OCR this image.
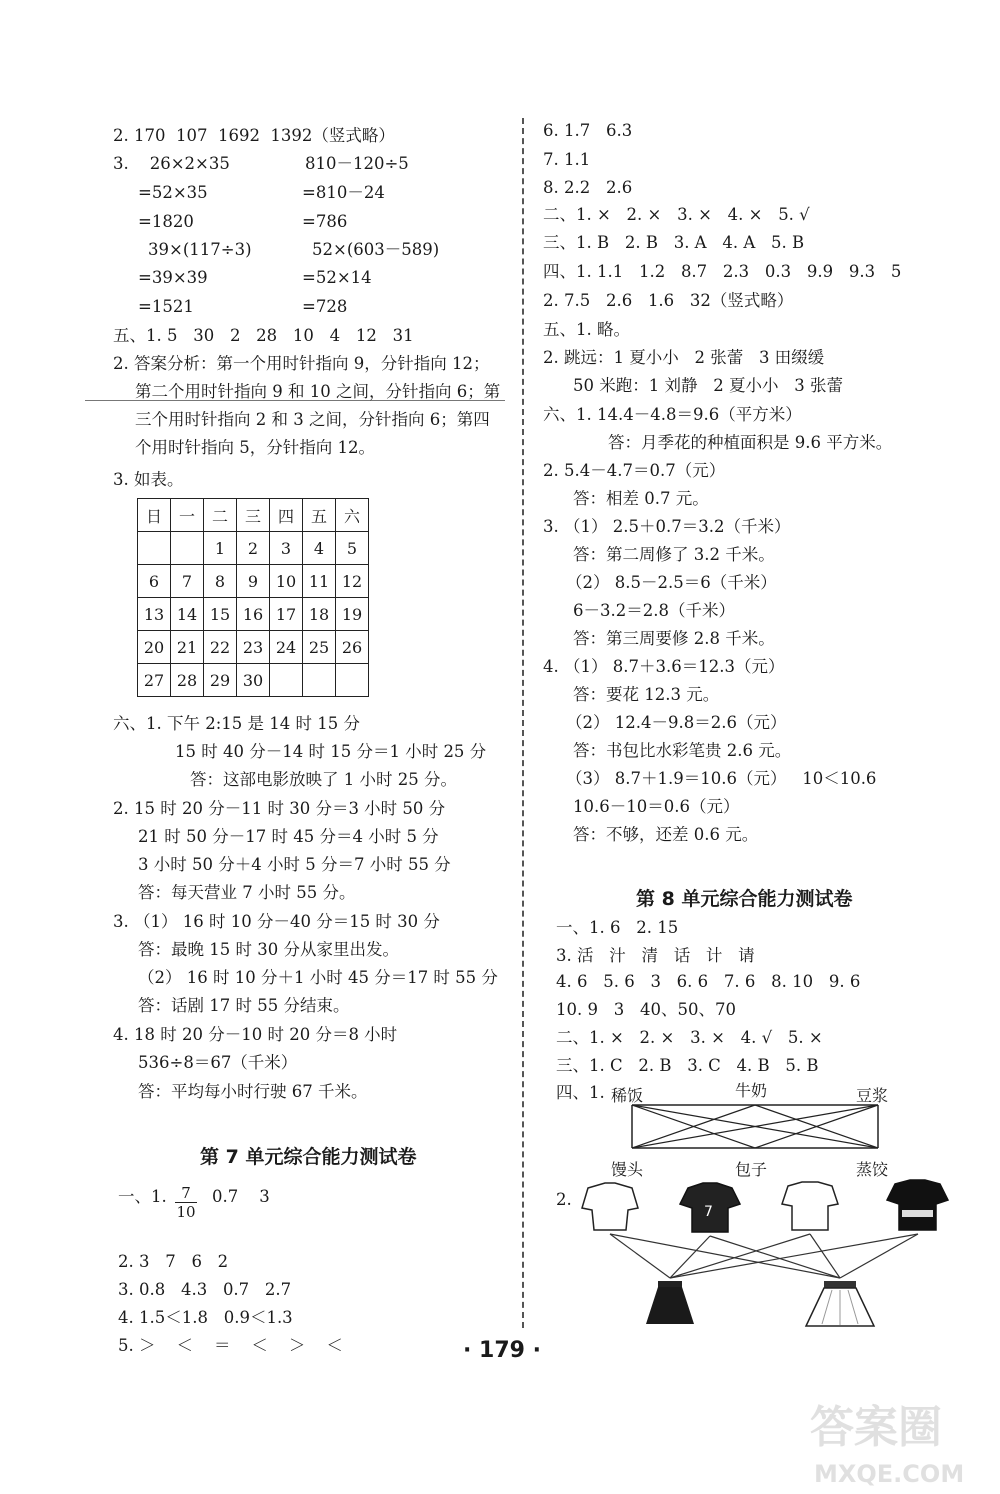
2. 170  107  1692  1392（竖式略）
3.    26×2×35	810－120÷5
=52×35	=810－24
=1820	=786
39×(117÷3)	52×(603－589)
=39×39	=52×14
=1521	=728
五、1. 5   30   2   28   10   4   12   31
2. 答案分析：第一个用时针指向 9，分针指向 12；
第二个用时针指向 9 和 10 之间，分针指向 6；第
三个用时针指向 2 和 3 之间，分针指向 6；第四
个用时针指向 5，分针指向 12。
3. 如表。
日	一	二	三	四	五	六
		1	2	3	4	5
6	7	8	9	10	11	12
13	14	15	16	17	18	19
20	21	22	23	24	25	26
27	28	29	30			
六、1. 下午 2:15 是 14 时 15 分
15 时 40 分－14 时 15 分＝1 小时 25 分
答：这部电影放映了 1 小时 25 分。
2. 15 时 20 分－11 时 30 分＝3 小时 50 分
21 时 50 分－17 时 45 分＝4 小时 5 分
3 小时 50 分＋4 小时 5 分＝7 小时 55 分
答：每天营业 7 小时 55 分。
3. （1） 16 时 10 分－40 分＝15 时 30 分
答：最晚 15 时 30 分从家里出发。
（2） 16 时 10 分＋1 小时 45 分＝17 时 55 分
答：话剧 17 时 55 分结束。
4. 18 时 20 分－10 时 20 分＝8 小时
536÷8＝67（千米）
答：平均每小时行驶 67 千米。
第 7 单元综合能力测试卷
一、1. $\frac{7}{10} 0.7$    3
2. 3   7   6   2
6. 1.7   6.3
7. 1.1
8. 2.2   2.6
二、1. ×   2. ×   3. ×   4. ×   5. √
三、1. B   2. B   3. A   4. A   5. B
四、1. 1.1   1.2   8.7   2.3   0.3   9.9   9.3   5
2. 7.5   2.6   1.6   32（竖式略）
五、1. 略。
2. 跳远：1 夏小小   2 张蕾   3 田缀缓
50 米跑：1 刘静   2 夏小小   3 张蕾
六、1. 14.4－4.8＝9.6（平方米）
答：月季花的种植面积是 9.6 平方米。
2. 5.4－4.7＝0.7（元）
答：相差 0.7 元。
3. （1） 2.5＋0.7＝3.2（千米）
答：第二周修了 3.2 千米。
（2） 8.5－2.5＝6（千米）
6－3.2＝2.8（千米）
答：第三周要修 2.8 千米。
4. （1） 8.7＋3.6＝12.3（元）
答：要花 12.3 元。
（2） 12.4－9.8＝2.6（元）
答：书包比水彩笔贵 2.6 元。
（3） 8.7＋1.9＝10.6（元）   10＜10.6
10.6－10＝0.6（元）
答：不够，还差 0.6 元。
第 8 单元综合能力测试卷
一、1. 6   2. 15
3. 活   汁   清   话   计   请
4. 6   5. 6   3   6. 6   7. 6   8. 10   9. 6
10. 9   3   40、50、70
二、1. ×   2. ×   3. ×   4. √   5. ×
三、1. C   2. B   3. C   4. B   5. B
四、1. 稀饭	牛奶	豆浆
馒头	包子	蒸饺
2.
7
· 179 ·
答案圈
MXQE.COM
3. 0.8   4.3   0.7   2.7
4. 1.5＜1.8   0.9＜1.3
5. ＞    ＜    ＝    ＜    ＞    ＜
